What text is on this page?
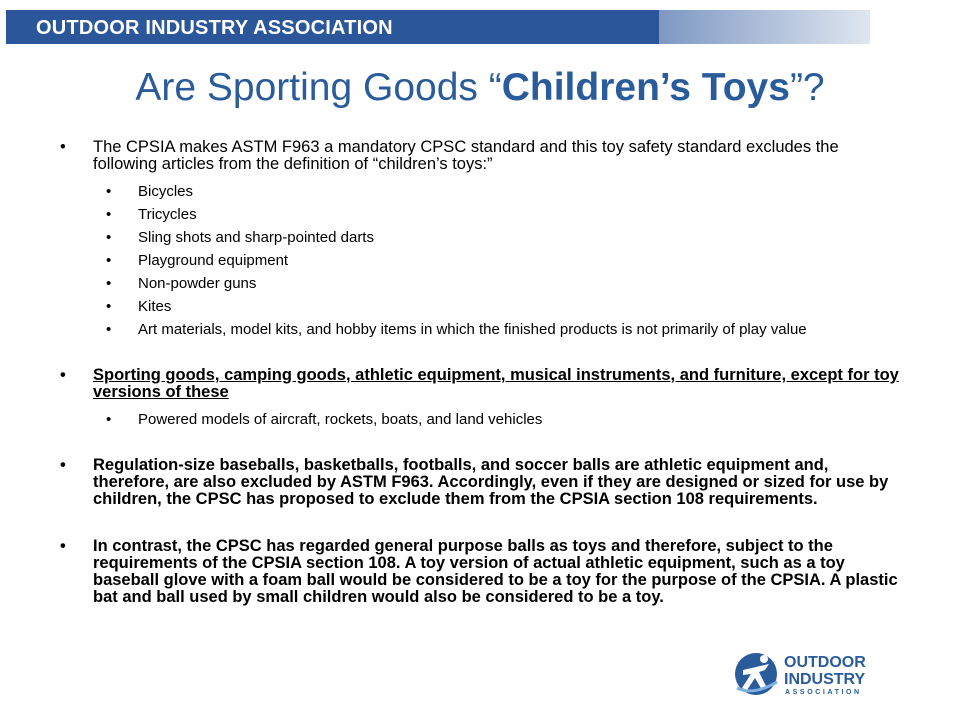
OUTDOOR INDUSTRY ASSOCIATION
Are Sporting Goods “Children’s Toys”?
• The CPSIA makes ASTM F963 a mandatory CPSC standard and this toy safety standard excludes the following articles from the definition of “children’s toys:”
• Bicycles
• Tricycles
• Sling shots and sharp-pointed darts
• Playground equipment
• Non-powder guns
• Kites
• Art materials, model kits, and hobby items in which the finished products is not primarily of play value
• Sporting goods, camping goods, athletic equipment, musical instruments, and furniture, except for toy versions of these
• Powered models of aircraft, rockets, boats, and land vehicles
• Regulation-size baseballs, basketballs, footballs, and soccer balls are athletic equipment and, therefore, are also excluded by ASTM F963. Accordingly, even if they are designed or sized for use by children, the CPSC has proposed to exclude them from the CPSIA section 108 requirements.
• In contrast, the CPSC has regarded general purpose balls as toys and therefore, subject to the requirements of the CPSIA section 108. A toy version of actual athletic equipment, such as a toy baseball glove with a foam ball would be considered to be a toy for the purpose of the CPSIA. A plastic bat and ball used by small children would also be considered to be a toy.
OUTDOOR
INDUSTRY
ASSOCIATION
